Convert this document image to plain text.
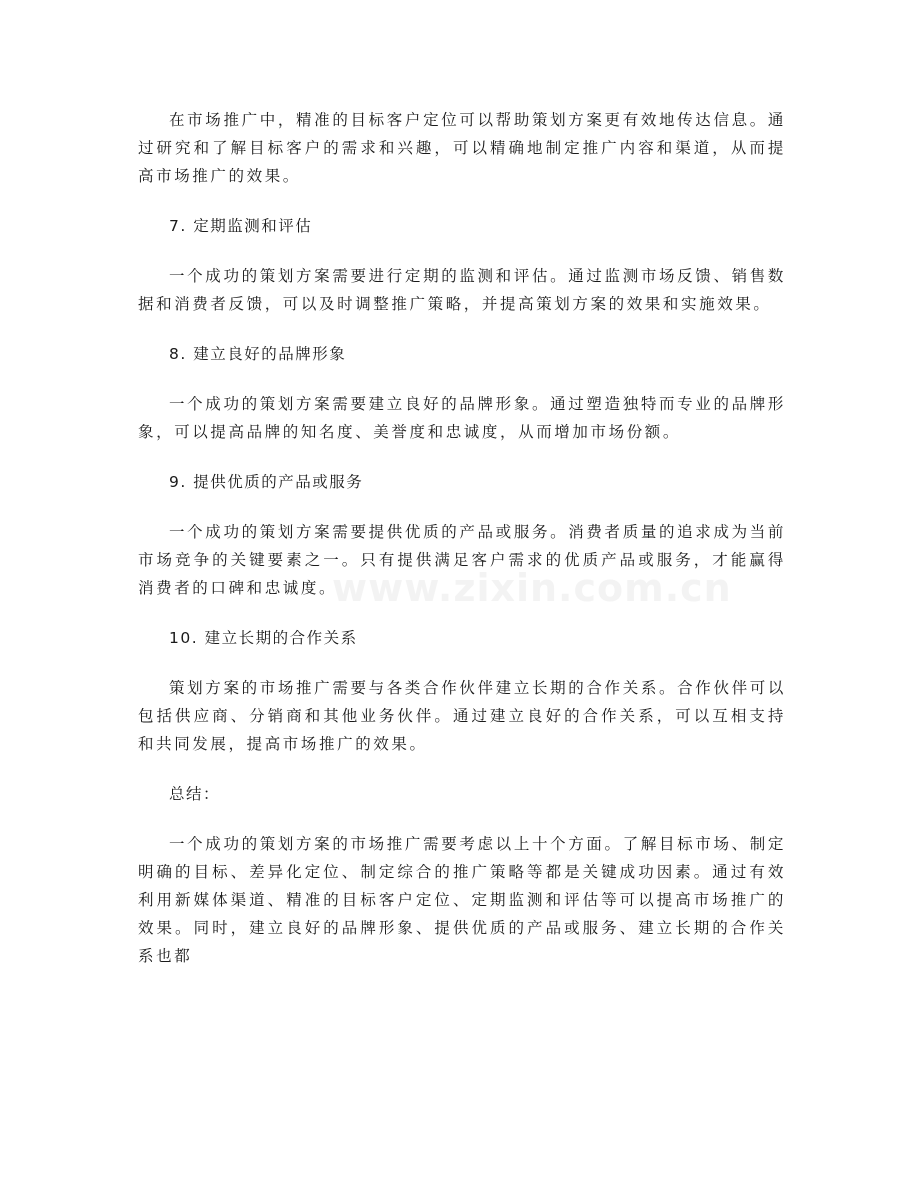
www.zixin.com.cn

在市场推广中，精准的目标客户定位可以帮助策划方案更有效地传达信息。通过研究和了解目标客户的需求和兴趣，可以精确地制定推广内容和渠道，从而提高市场推广的效果。

7. 定期监测和评估

一个成功的策划方案需要进行定期的监测和评估。通过监测市场反馈、销售数据和消费者反馈，可以及时调整推广策略，并提高策划方案的效果和实施效果。

8. 建立良好的品牌形象

一个成功的策划方案需要建立良好的品牌形象。通过塑造独特而专业的品牌形象，可以提高品牌的知名度、美誉度和忠诚度，从而增加市场份额。

9. 提供优质的产品或服务

一个成功的策划方案需要提供优质的产品或服务。消费者质量的追求成为当前市场竞争的关键要素之一。只有提供满足客户需求的优质产品或服务，才能赢得消费者的口碑和忠诚度。

10. 建立长期的合作关系

策划方案的市场推广需要与各类合作伙伴建立长期的合作关系。合作伙伴可以包括供应商、分销商和其他业务伙伴。通过建立良好的合作关系，可以互相支持和共同发展，提高市场推广的效果。

总结：

一个成功的策划方案的市场推广需要考虑以上十个方面。了解目标市场、制定明确的目标、差异化定位、制定综合的推广策略等都是关键成功因素。通过有效利用新媒体渠道、精准的目标客户定位、定期监测和评估等可以提高市场推广的效果。同时，建立良好的品牌形象、提供优质的产品或服务、建立长期的合作关系也都
